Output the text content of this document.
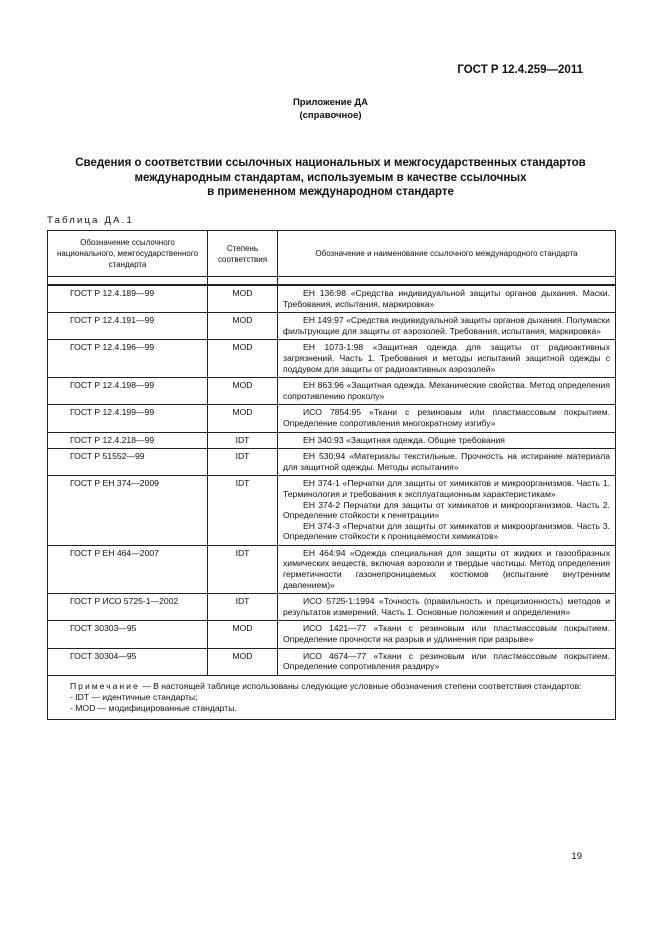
ГОСТ Р 12.4.259—2011
Приложение ДА
(справочное)
Сведения о соответствии ссылочных национальных и межгосударственных стандартов
международным стандартам, используемым в качестве ссылочных
в примененном международном стандарте
Таблица ДА.1
Обозначение ссылочного национального, межгосударственного стандарта	Степень соответствия	Обозначение и наименование ссылочного международного стандарта

ГОСТ Р 12.4.189—99	MOD	ЕН 136:98 «Средства индивидуальной защиты органов дыхания. Маски. Требования, испытания, маркировка»

ГОСТ Р 12.4.191—99	MOD	ЕН 149:97 «Средства индивидуальной защиты органов дыхания. Полумаски фильтрующие для защиты от аэрозолей. Требования, испытания, маркировка»

ГОСТ Р 12.4.196—99	MOD	ЕН 1073-1:98 «Защитная одежда для защиты от радиоактивных загрязнений. Часть 1. Требования и методы испытаний защитной одежды с поддувом для защиты от радиоактивных аэрозолей»

ГОСТ Р 12.4.198—99	MOD	ЕН 863:96 «Защитная одежда. Механические свойства. Метод определения сопротивлению проколу»

ГОСТ Р 12.4.199—99	MOD	ИСО 7854:95 «Ткани с резиновым или пластмассовым покрытием. Определение сопротивления многократному изгибу»

ГОСТ Р 12.4.218—99	IDT	ЕН 340:93 «Защитная одежда. Общие требования

ГОСТ Р 51552—99	IDT	ЕН 530:94 «Материалы текстильные. Прочность на истирание материала для защитной одежды. Методы испытания»

ГОСТ Р ЕН 374—2009	IDT	ЕН 374-1 «Перчатки для защиты от химикатов и микроорганизмов. Часть 1. Терминология и требования к эксплуатационным характеристикам»
ЕН 374-2 Перчатки для защиты от химикатов и микроорганизмов. Часть 2. Определение стойкости к пенетрации»
ЕН 374-3 «Перчатки для защиты от химикатов и микроорганизмов. Часть 3. Определение стойкости к проницаемости химикатов»

ГОСТ Р ЕН 464—2007	IDT	ЕН 464:94 «Одежда специальная для защиты от жидких и газообразных химических веществ, включая аэрозоли и твердые частицы. Метод определения герметичности газонепроницаемых костюмов (испытание внутренним давлением)»

ГОСТ Р ИСО 5725-1—2002	IDT	ИСО 5725-1:1994 «Точность (правильность и прецизионность) методов и результатов измерений. Часть 1. Основные положения и определения»

ГОСТ 30303—95	MOD	ИСО 1421—77 «Ткани с резиновым или пластмассовым покрытием. Определение прочности на разрыв и удлинения при разрыве»

ГОСТ 30304—95	MOD	ИСО 4674—77 «Ткани с резиновым или пластмассовым покрытием. Определение сопротивления раздиру»

Примечание — В настоящей таблице использованы следующие условные обозначения степени соответствия стандартов:
- IDT — идентичные стандарты;
- MOD — модифицированные стандарты.		
19
